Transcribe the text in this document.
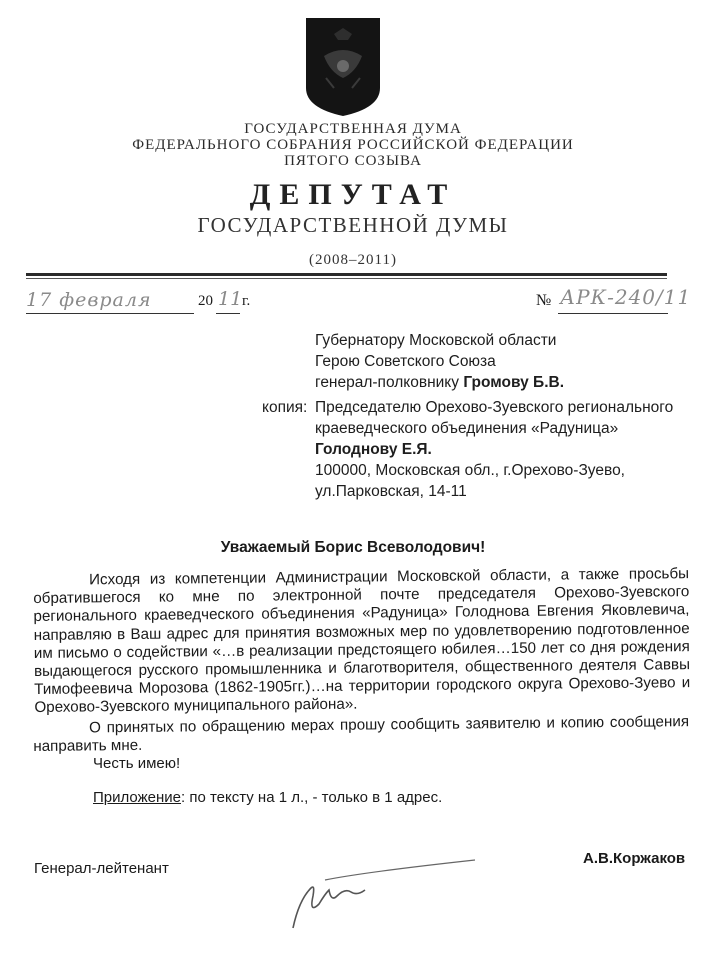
ГОСУДАРСТВЕННАЯ ДУМА
ФЕДЕРАЛЬНОГО СОБРАНИЯ РОССИЙСКОЙ ФЕДЕРАЦИИ
ПЯТОГО СОЗЫВА
ДЕПУТАТ
ГОСУДАРСТВЕННОЙ ДУМЫ
(2008–2011)
17 февраля	20 11 г.	№ АРК-240/11
Губернатору Московской области
Герою Советского Союза
генерал-полковнику Громову Б.В.
копия: Председателю Орехово-Зуевского регионального
краеведческого объединения «Радуница»
Голоднову Е.Я.
100000, Московская обл., г.Орехово-Зуево,
ул.Парковская, 14-11
Уважаемый Борис Всеволодович!
Исходя из компетенции Администрации Московской области, а также просьбы обратившегося ко мне по электронной почте председателя Орехово-Зуевского регионального краеведческого объединения «Радуница» Голоднова Евгения Яковлевича, направляю в Ваш адрес для принятия возможных мер по удовлетворению подготовленное им письмо о содействии «…в реализации предстоящего юбилея…150 лет со дня рождения выдающегося русского промышленника и благотворителя, общественного деятеля Саввы Тимофеевича Морозова (1862-1905гг.)…на территории городского округа Орехово-Зуево и Орехово-Зуевского муниципального района».
О принятых по обращению мерах прошу сообщить заявителю и копию сообщения направить мне.
Честь имею!
Приложение: по тексту на 1 л., - только в 1 адрес.
Генерал-лейтенант
А.В.Коржаков
